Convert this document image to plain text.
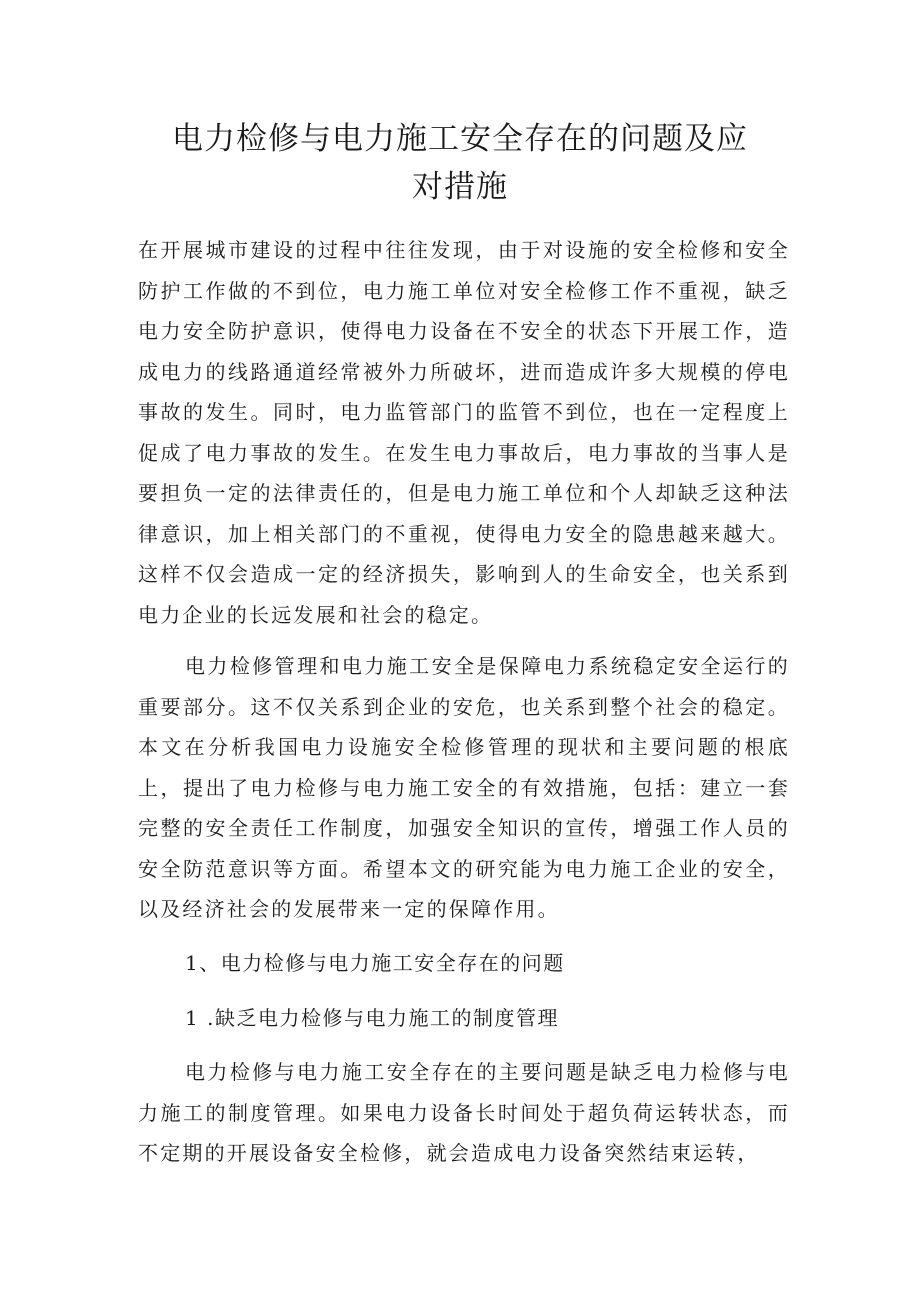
电力检修与电力施工安全存在的问题及应
对措施

在开展城市建设的过程中往往发现，由于对设施的安全检修和安全防护工作做的不到位，电力施工单位对安全检修工作不重视，缺乏电力安全防护意识，使得电力设备在不安全的状态下开展工作，造成电力的线路通道经常被外力所破坏，进而造成许多大规模的停电事故的发生。同时，电力监管部门的监管不到位，也在一定程度上促成了电力事故的发生。在发生电力事故后，电力事故的当事人是要担负一定的法律责任的，但是电力施工单位和个人却缺乏这种法律意识，加上相关部门的不重视，使得电力安全的隐患越来越大。这样不仅会造成一定的经济损失，影响到人的生命安全，也关系到电力企业的长远发展和社会的稳定。

电力检修管理和电力施工安全是保障电力系统稳定安全运行的重要部分。这不仅关系到企业的安危，也关系到整个社会的稳定。本文在分析我国电力设施安全检修管理的现状和主要问题的根底上，提出了电力检修与电力施工安全的有效措施，包括：建立一套完整的安全责任工作制度，加强安全知识的宣传，增强工作人员的安全防范意识等方面。希望本文的研究能为电力施工企业的安全，以及经济社会的发展带来一定的保障作用。

1、电力检修与电力施工安全存在的问题
1 .缺乏电力检修与电力施工的制度管理

电力检修与电力施工安全存在的主要问题是缺乏电力检修与电力施工的制度管理。如果电力设备长时间处于超负荷运转状态，而不定期的开展设备安全检修，就会造成电力设备突然结束运转，
